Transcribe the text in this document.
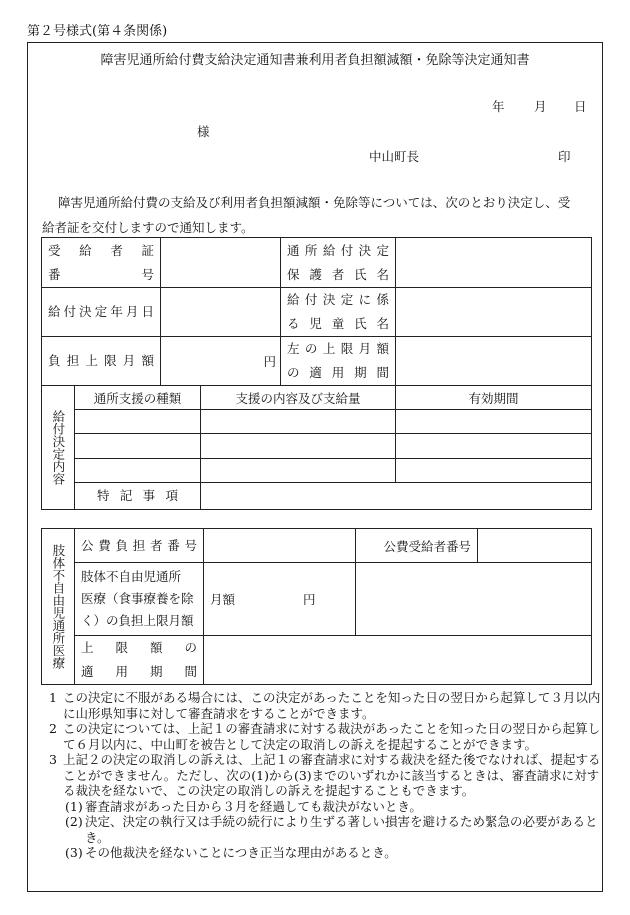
第２号様式(第４条関係)
障害児通所給付費支給決定通知書兼利用者負担額減額・免除等決定通知書
年 月 日
様
中山町長	印
障害児通所給付費の支給及び利用者負担額減額・免除等については、次のとおり決定し、受
給者証を交付しますので通知します。
受給者証
番号				通所給付決定
保護者氏名	

給付決定年月日				給付決定に係
る児童氏名	

負担上限月額		円		左の上限月額
の適用期間	

給付決定内容	通所支援の種類		支援の内容及び支給量		有効期間

	特記事項				

肢体不自由児通所医療	公費負担者番号		公費受給者番号	

	肢体不自由児通所
医療（食事療養を除
く）の負担上限月額	月額 円		

	上限額の
適用期間			

1 この決定に不服がある場合には、この決定があったことを知った日の翌日から起算して３月以内に山形県知事に対して審査請求をすることができます。
2 この決定については、上記１の審査請求に対する裁決があったことを知った日の翌日から起算して６月以内に、中山町を被告として決定の取消しの訴えを提起することができます。
3 上記２の決定の取消しの訴えは、上記１の審査請求に対する裁決を経た後でなければ、提起することができません。ただし、次の(1)から(3)までのいずれかに該当するときは、審査請求に対する裁決を経ないで、この決定の取消しの訴えを提起することもできます。
(1) 審査請求があった日から３月を経過しても裁決がないとき。
(2) 決定、決定の執行又は手続の続行により生ずる著しい損害を避けるため緊急の必要があるとき。
(3) その他裁決を経ないことにつき正当な理由があるとき。
